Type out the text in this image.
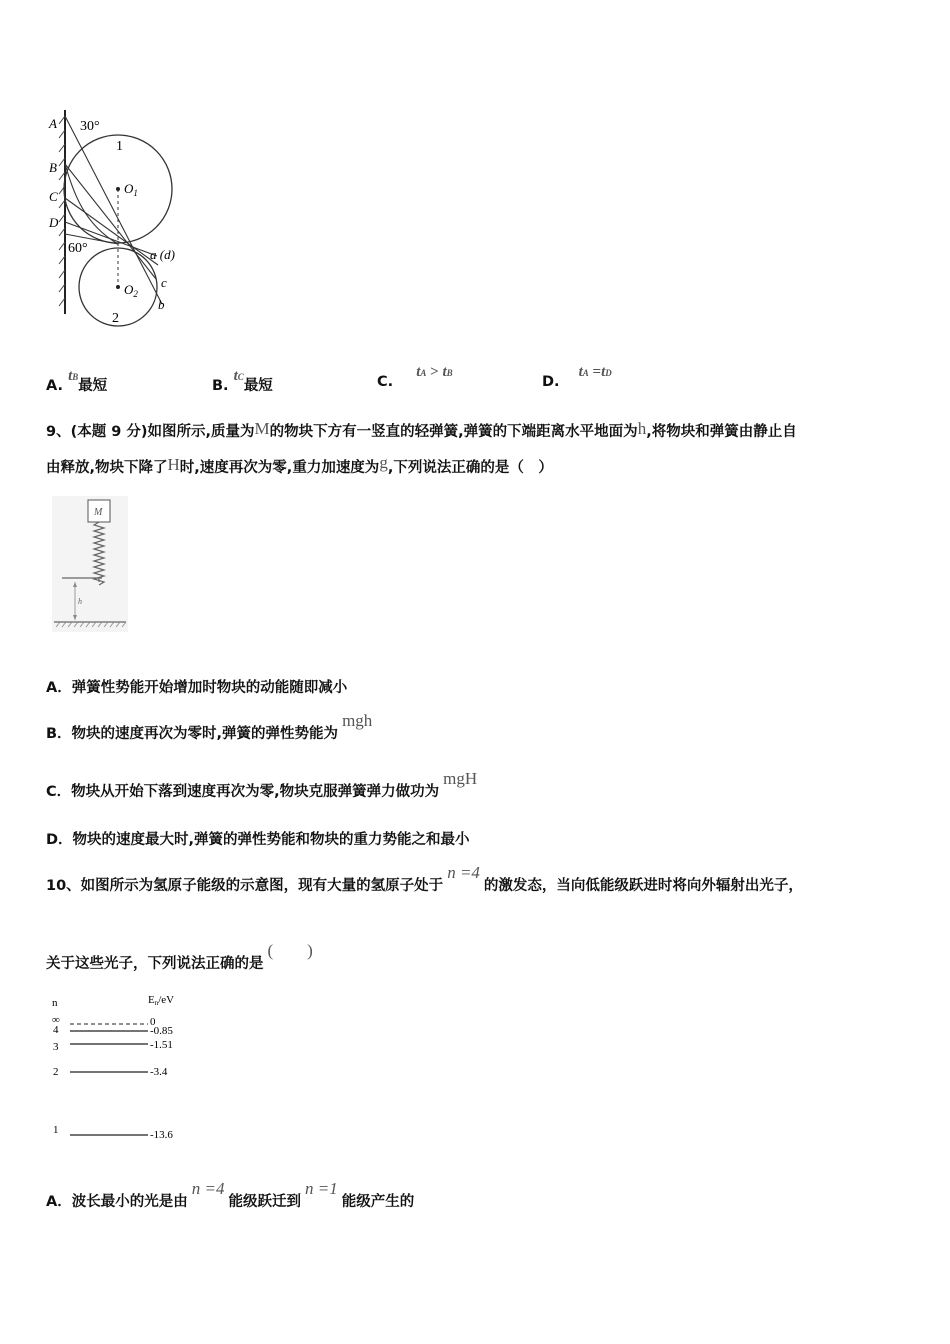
A 30°
1
B
C
D
$O_1$
60°	a (d)
c
$O_2$
b
2
A. tB最短	B. tC最短	C. tA > tB
D. tA =tD
9、(本题 9 分)如图所示,质量为M的物块下方有一竖直的轻弹簧,弹簧的下端距离水平地面为h,将物块和弹簧由静止自
由释放,物块下降了H时,速度再次为零,重力加速度为g,下列说法正确的是（　）
M
h
A．弹簧性势能开始增加时物块的动能随即减小
B．物块的速度再次为零时,弹簧的弹性势能为mgh
C．物块从开始下落到速度再次为零,物块克服弹簧弹力做功为mgH
D．物块的速度最大时,弹簧的弹性势能和物块的重力势能之和最小
10、如图所示为氢原子能级的示意图，现有大量的氢原子处于n =4的激发态，当向低能级跃进时将向外辐射出光子，
关于这些光子，下列说法正确的是(　　)
n	En/eV
∞	0
4	-0.85
3	-1.51
2	-3.4
1	-13.6
A．波长最小的光是由n =4能级跃迁到n =1能级产生的
